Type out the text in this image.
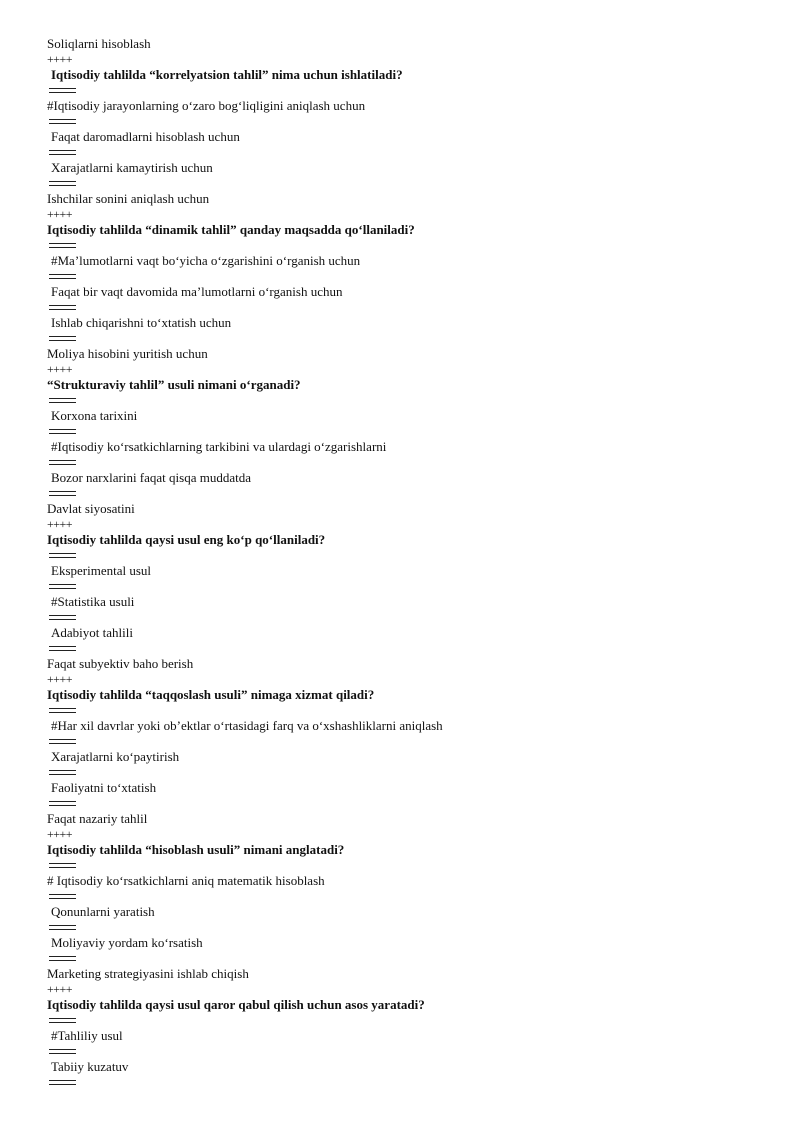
Soliqlarni hisoblash
++++
Iqtisodiy tahlilda “korrelyatsion tahlil” nima uchun ishlatiladi?
#Iqtisodiy jarayonlarning o‘zaro bog‘liqligini aniqlash uchun
Faqat daromadlarni hisoblash uchun
Xarajatlarni kamaytirish uchun
Ishchilar sonini aniqlash uchun
++++
Iqtisodiy tahlilda “dinamik tahlil” qanday maqsadda qo‘llaniladi?
#Ma’lumotlarni vaqt bo‘yicha o‘zgarishini o‘rganish uchun
Faqat bir vaqt davomida ma’lumotlarni o‘rganish uchun
Ishlab chiqarishni to‘xtatish uchun
Moliya hisobini yuritish uchun
++++
“Strukturaviy tahlil” usuli nimani o‘rganadi?
Korxona tarixini
#Iqtisodiy ko‘rsatkichlarning tarkibini va ulardagi o‘zgarishlarni
Bozor narxlarini faqat qisqa muddatda
Davlat siyosatini
++++
Iqtisodiy tahlilda qaysi usul eng ko‘p qo‘llaniladi?
Eksperimental usul
#Statistika usuli
Adabiyot tahlili
Faqat subyektiv baho berish
++++
Iqtisodiy tahlilda “taqqoslash usuli” nimaga xizmat qiladi?
#Har xil davrlar yoki ob’ektlar o‘rtasidagi farq va o‘xshashliklarni aniqlash
Xarajatlarni ko‘paytirish
Faoliyatni to‘xtatish
Faqat nazariy tahlil
++++
Iqtisodiy tahlilda “hisoblash usuli” nimani anglatadi?
# Iqtisodiy ko‘rsatkichlarni aniq matematik hisoblash
Qonunlarni yaratish
Moliyaviy yordam ko‘rsatish
Marketing strategiyasini ishlab chiqish
++++
Iqtisodiy tahlilda qaysi usul qaror qabul qilish uchun asos yaratadi?
#Tahliliy usul
Tabiiy kuzatuv
